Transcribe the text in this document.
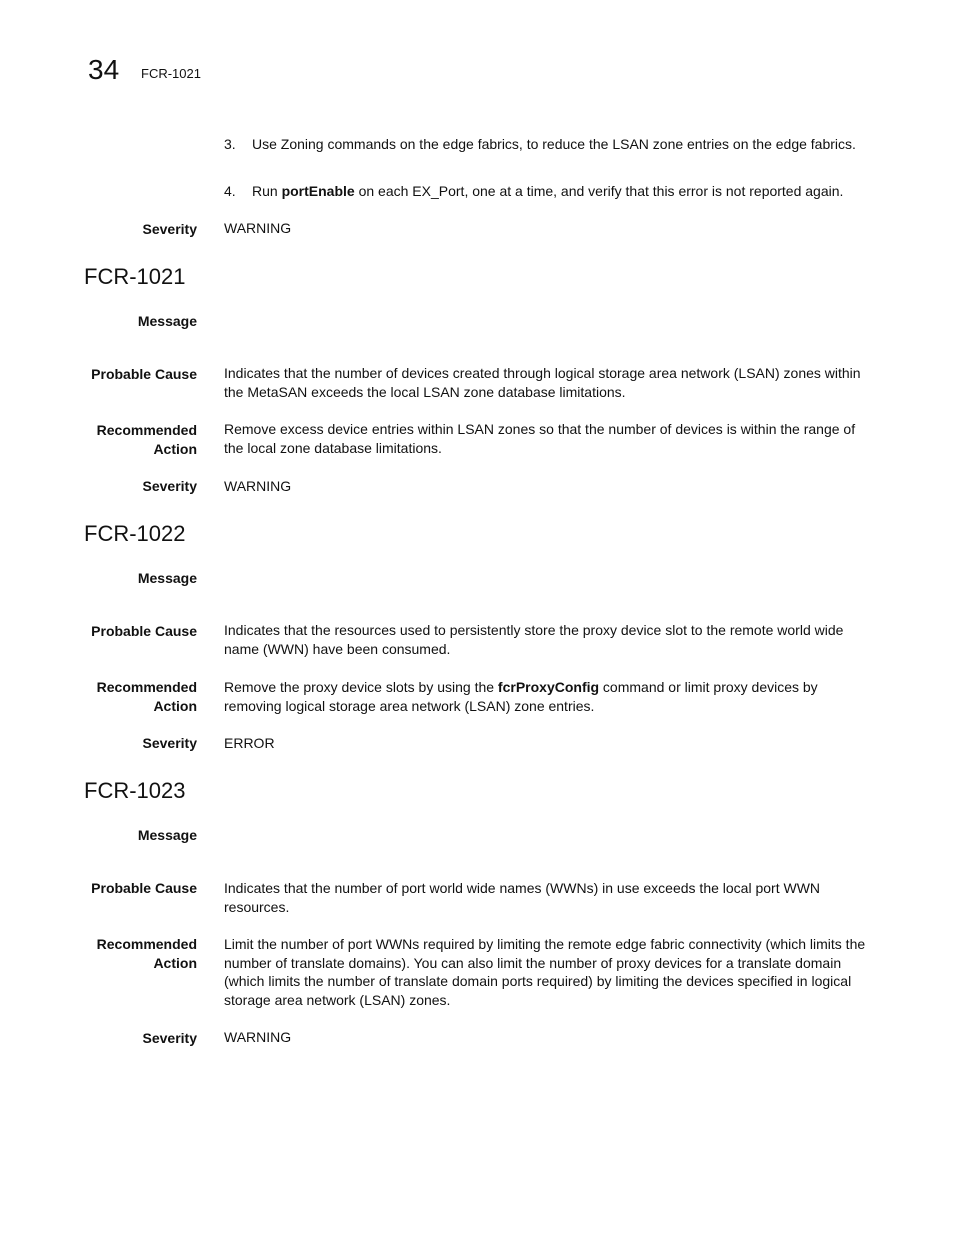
34 FCR-1021
3. Use Zoning commands on the edge fabrics, to reduce the LSAN zone entries on the edge fabrics.
4. Run portEnable on each EX_Port, one at a time, and verify that this error is not reported again.
Severity WARNING
FCR-1021
Message
Probable Cause Indicates that the number of devices created through logical storage area network (LSAN) zones within the MetaSAN exceeds the local LSAN zone database limitations.
Recommended
Action
Remove excess device entries within LSAN zones so that the number of devices is within the range of the local zone database limitations.
Severity WARNING
FCR-1022
Message
Probable Cause Indicates that the resources used to persistently store the proxy device slot to the remote world wide name (WWN) have been consumed.
Recommended
Action
Remove the proxy device slots by using the fcrProxyConfig command or limit proxy devices by removing logical storage area network (LSAN) zone entries.
Severity ERROR
FCR-1023
Message
Probable Cause Indicates that the number of port world wide names (WWNs) in use exceeds the local port WWN resources.
Recommended
Action
Limit the number of port WWNs required by limiting the remote edge fabric connectivity (which limits the number of translate domains). You can also limit the number of proxy devices for a translate domain (which limits the number of translate domain ports required) by limiting the devices specified in logical storage area network (LSAN) zones.
Severity WARNING
